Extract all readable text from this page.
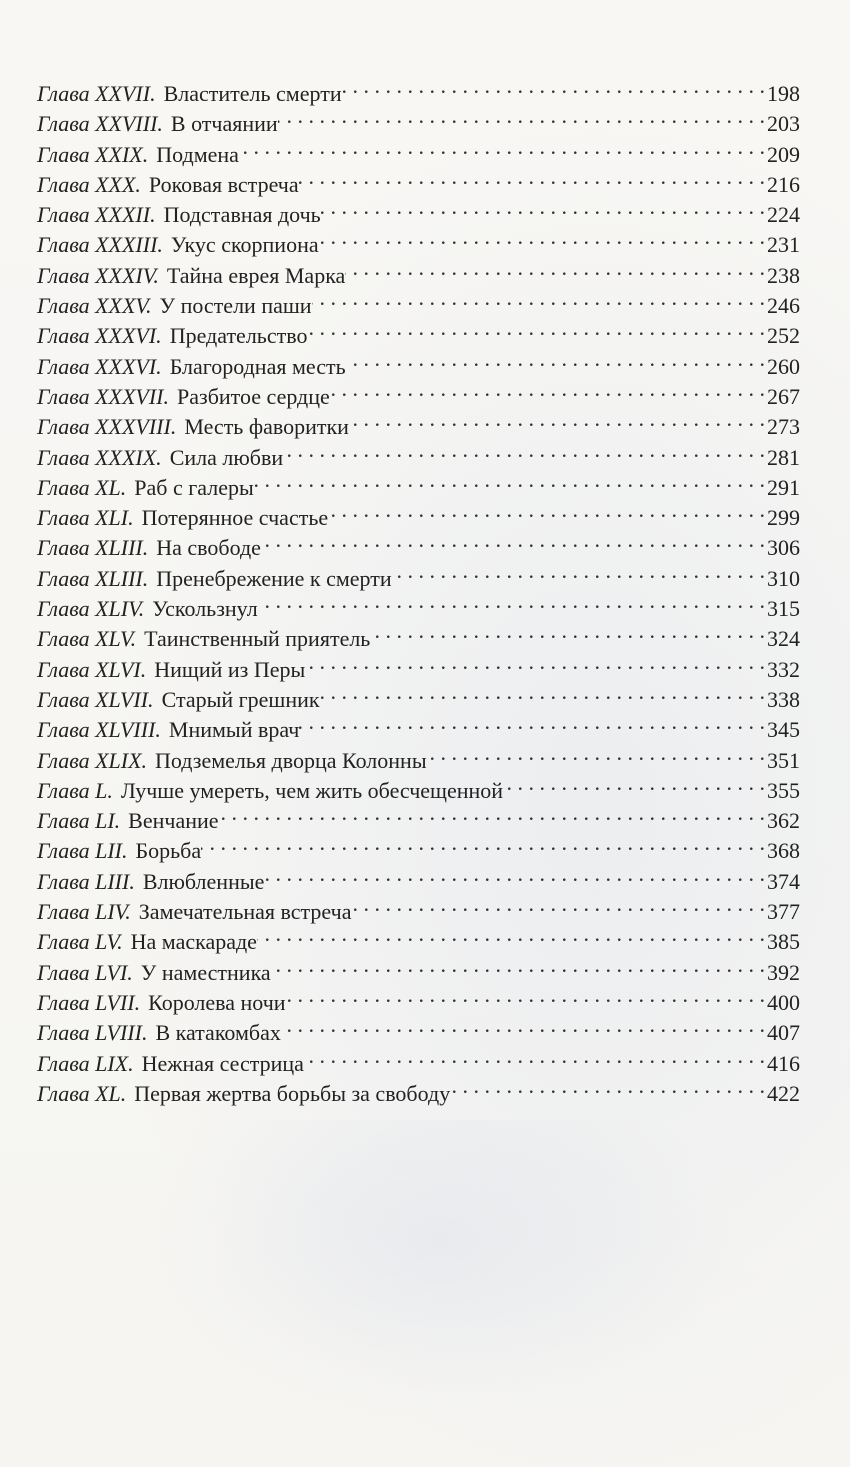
Глава XXVII. Властитель смерти . . .	198
Глава XXVIII. В отчаянии . . .	203
Глава XXIX. Подмена . . .	209
Глава XXX. Роковая встреча . . .	216
Глава XXXII. Подставная дочь . . .	224
Глава XXXIII. Укус скорпиона . . .	231
Глава XXXIV. Тайна еврея Марка . . .	238
Глава XXXV. У постели паши . . .	246
Глава XXXVI. Предательство . . .	252
Глава XXXVI. Благородная месть . . .	260
Глава XXXVII. Разбитое сердце . . .	267
Глава XXXVIII. Месть фаворитки . . .	273
Глава XXXIX. Сила любви . . .	281
Глава XL. Раб с галеры . . .	291
Глава XLI. Потерянное счастье . . .	299
Глава XLIII. На свободе . . .	306
Глава XLIII. Пренебрежение к смерти . . .	310
Глава XLIV. Ускользнул . . .	315
Глава XLV. Таинственный приятель . . .	324
Глава XLVI. Нищий из Перы . . .	332
Глава XLVII. Старый грешник . . .	338
Глава XLVIII. Мнимый врач . . .	345
Глава XLIX. Подземелья дворца Колонны . . .	351
Глава L. Лучше умереть, чем жить обесчещенной . . .	355
Глава LI. Венчание . . .	362
Глава LII. Борьба . . .	368
Глава LIII. Влюбленные . . .	374
Глава LIV. Замечательная встреча . . .	377
Глава LV. На маскараде . . .	385
Глава LVI. У наместника . . .	392
Глава LVII. Королева ночи . . .	400
Глава LVIII. В катакомбах . . .	407
Глава LIX. Нежная сестрица . . .	416
Глава XL. Первая жертва борьбы за свободу . . .	422
